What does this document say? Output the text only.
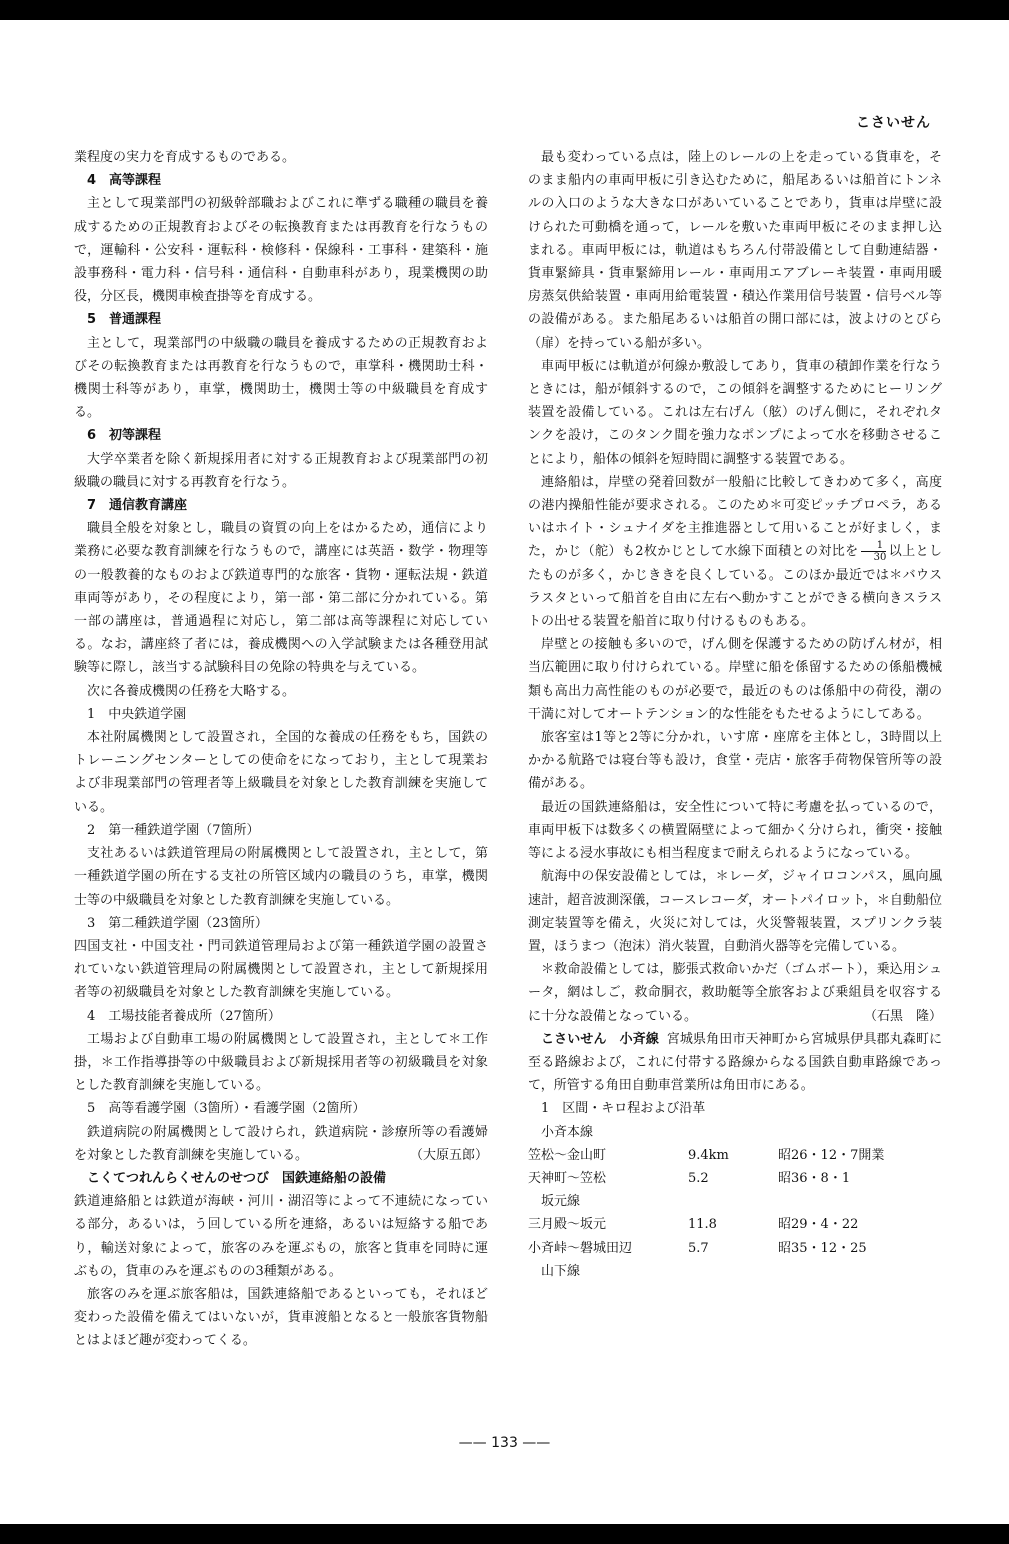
こさいせん

業程度の実力を育成するものである。

4　高等課程

主として現業部門の初級幹部職およびこれに準ずる職種の職員を養成するための正規教育およびその転換教育または再教育を行なうもので，運輸科・公安科・運転科・検修科・保線科・工事科・建築科・施設事務科・電力科・信号科・通信科・自動車科があり，現業機関の助役，分区長，機関車検査掛等を育成する。

5　普通課程

主として，現業部門の中級職の職員を養成するための正規教育およびその転換教育または再教育を行なうもので，車掌科・機関助士科・機関士科等があり，車掌，機関助士，機関士等の中級職員を育成する。

6　初等課程

大学卒業者を除く新規採用者に対する正規教育および現業部門の初級職の職員に対する再教育を行なう。

7　通信教育講座

職員全般を対象とし，職員の資質の向上をはかるため，通信により業務に必要な教育訓練を行なうもので，講座には英語・数学・物理等の一般教養的なものおよび鉄道専門的な旅客・貨物・運転法規・鉄道車両等があり，その程度により，第一部・第二部に分かれている。第一部の講座は，普通過程に対応し，第二部は高等課程に対応している。なお，講座終了者には，養成機関への入学試験または各種登用試験等に際し，該当する試験科目の免除の特典を与えている。

次に各養成機関の任務を大略する。

1　中央鉄道学園

本社附属機関として設置され，全国的な養成の任務をもち，国鉄のトレーニングセンターとしての使命をになっており，主として現業および非現業部門の管理者等上級職員を対象とした教育訓練を実施している。

2　第一種鉄道学園（7箇所）

支社あるいは鉄道管理局の附属機関として設置され，主として，第一種鉄道学園の所在する支社の所管区域内の職員のうち，車掌，機関士等の中級職員を対象とした教育訓練を実施している。

3　第二種鉄道学園（23箇所）

四国支社・中国支社・門司鉄道管理局および第一種鉄道学園の設置されていない鉄道管理局の附属機関として設置され，主として新規採用者等の初級職員を対象とした教育訓練を実施している。

4　工場技能者養成所（27箇所）

工場および自動車工場の附属機関として設置され，主として＊工作掛，＊工作指導掛等の中級職員および新規採用者等の初級職員を対象とした教育訓練を実施している。

5　高等看護学園（3箇所）・看護学園（2箇所）

鉄道病院の附属機関として設けられ，鉄道病院・診療所等の看護婦を対象とした教育訓練を実施している。	（大原五郎）

こくてつれんらくせんのせつび　国鉄連絡船の設備

鉄道連絡船とは鉄道が海峡・河川・湖沼等によって不連続になっている部分，あるいは，う回している所を連絡，あるいは短絡する船であり，輸送対象によって，旅客のみを運ぶもの，旅客と貨車を同時に運ぶもの，貨車のみを運ぶものの3種類がある。

旅客のみを運ぶ旅客船は，国鉄連絡船であるといっても，それほど変わった設備を備えてはいないが，貨車渡船となると一般旅客貨物船とはよほど趣が変わってくる。

最も変わっている点は，陸上のレールの上を走っている貨車を，そのまま船内の車両甲板に引き込むために，船尾あるいは船首にトンネルの入口のような大きな口があいていることであり，貨車は岸壁に設けられた可動橋を通って，レールを敷いた車両甲板にそのまま押し込まれる。車両甲板には，軌道はもちろん付帯設備として自動連結器・貨車緊締具・貨車緊締用レール・車両用エアブレーキ装置・車両用暖房蒸気供給装置・車両用給電装置・積込作業用信号装置・信号ベル等の設備がある。また船尾あるいは船首の開口部には，波よけのとびら（扉）を持っている船が多い。

車両甲板には軌道が何線か敷設してあり，貨車の積卸作業を行なうときには，船が傾斜するので，この傾斜を調整するためにヒーリング装置を設備している。これは左右げん（舷）のげん側に，それぞれタンクを設け，このタンク間を強力なポンプによって水を移動させることにより，船体の傾斜を短時間に調整する装置である。

連絡船は，岸壁の発着回数が一般船に比較してきわめて多く，高度の港内操船性能が要求される。このため＊可変ピッチプロペラ，あるいはホイト・シュナイダを主推進器として用いることが好ましく，また，かじ（舵）も2枚かじとして水線下面積との対比を $\frac{1}{30}$ 以上としたものが多く，かじききを良くしている。このほか最近では＊バウスラスタといって船首を自由に左右へ動かすことができる横向きスラストの出せる装置を船首に取り付けるものもある。

岸壁との接触も多いので，げん側を保護するための防げん材が，相当広範囲に取り付けられている。岸壁に船を係留するための係船機械類も高出力高性能のものが必要で，最近のものは係船中の荷役，潮の干満に対してオートテンション的な性能をもたせるようにしてある。

旅客室は1等と2等に分かれ，いす席・座席を主体とし，3時間以上かかる航路では寝台等も設け，食堂・売店・旅客手荷物保管所等の設備がある。

最近の国鉄連絡船は，安全性について特に考慮を払っているので，車両甲板下は数多くの横置隔壁によって細かく分けられ，衝突・接触等による浸水事故にも相当程度まで耐えられるようになっている。

航海中の保安設備としては，＊レーダ，ジャイロコンパス，風向風速計，超音波測深儀，コースレコーダ，オートパイロット，＊自動船位測定装置等を備え，火災に対しては，火災警報装置，スプリンクラ装置，ほうまつ（泡沫）消火装置，自動消火器等を完備している。

＊救命設備としては，膨張式救命いかだ（ゴムボート），乗込用シュータ，網はしご，救命胴衣，救助艇等全旅客および乗組員を収容するに十分な設備となっている。	（石黒　隆）

こさいせん　小斉線 宮城県角田市天神町から宮城県伊具郡丸森町に至る路線および，これに付帯する路線からなる国鉄自動車路線であって，所管する角田自動車営業所は角田市にある。

1　区間・キロ程および沿革

小斉本線

笠松～金山町	9.4km	昭26・12・7開業
天神町～笠松	5.2	昭36・8・1

坂元線

三月殿～坂元	11.8	昭29・4・22
小斉峠～磐城田辺	5.7	昭35・12・25

山下線

—— 133 ——
